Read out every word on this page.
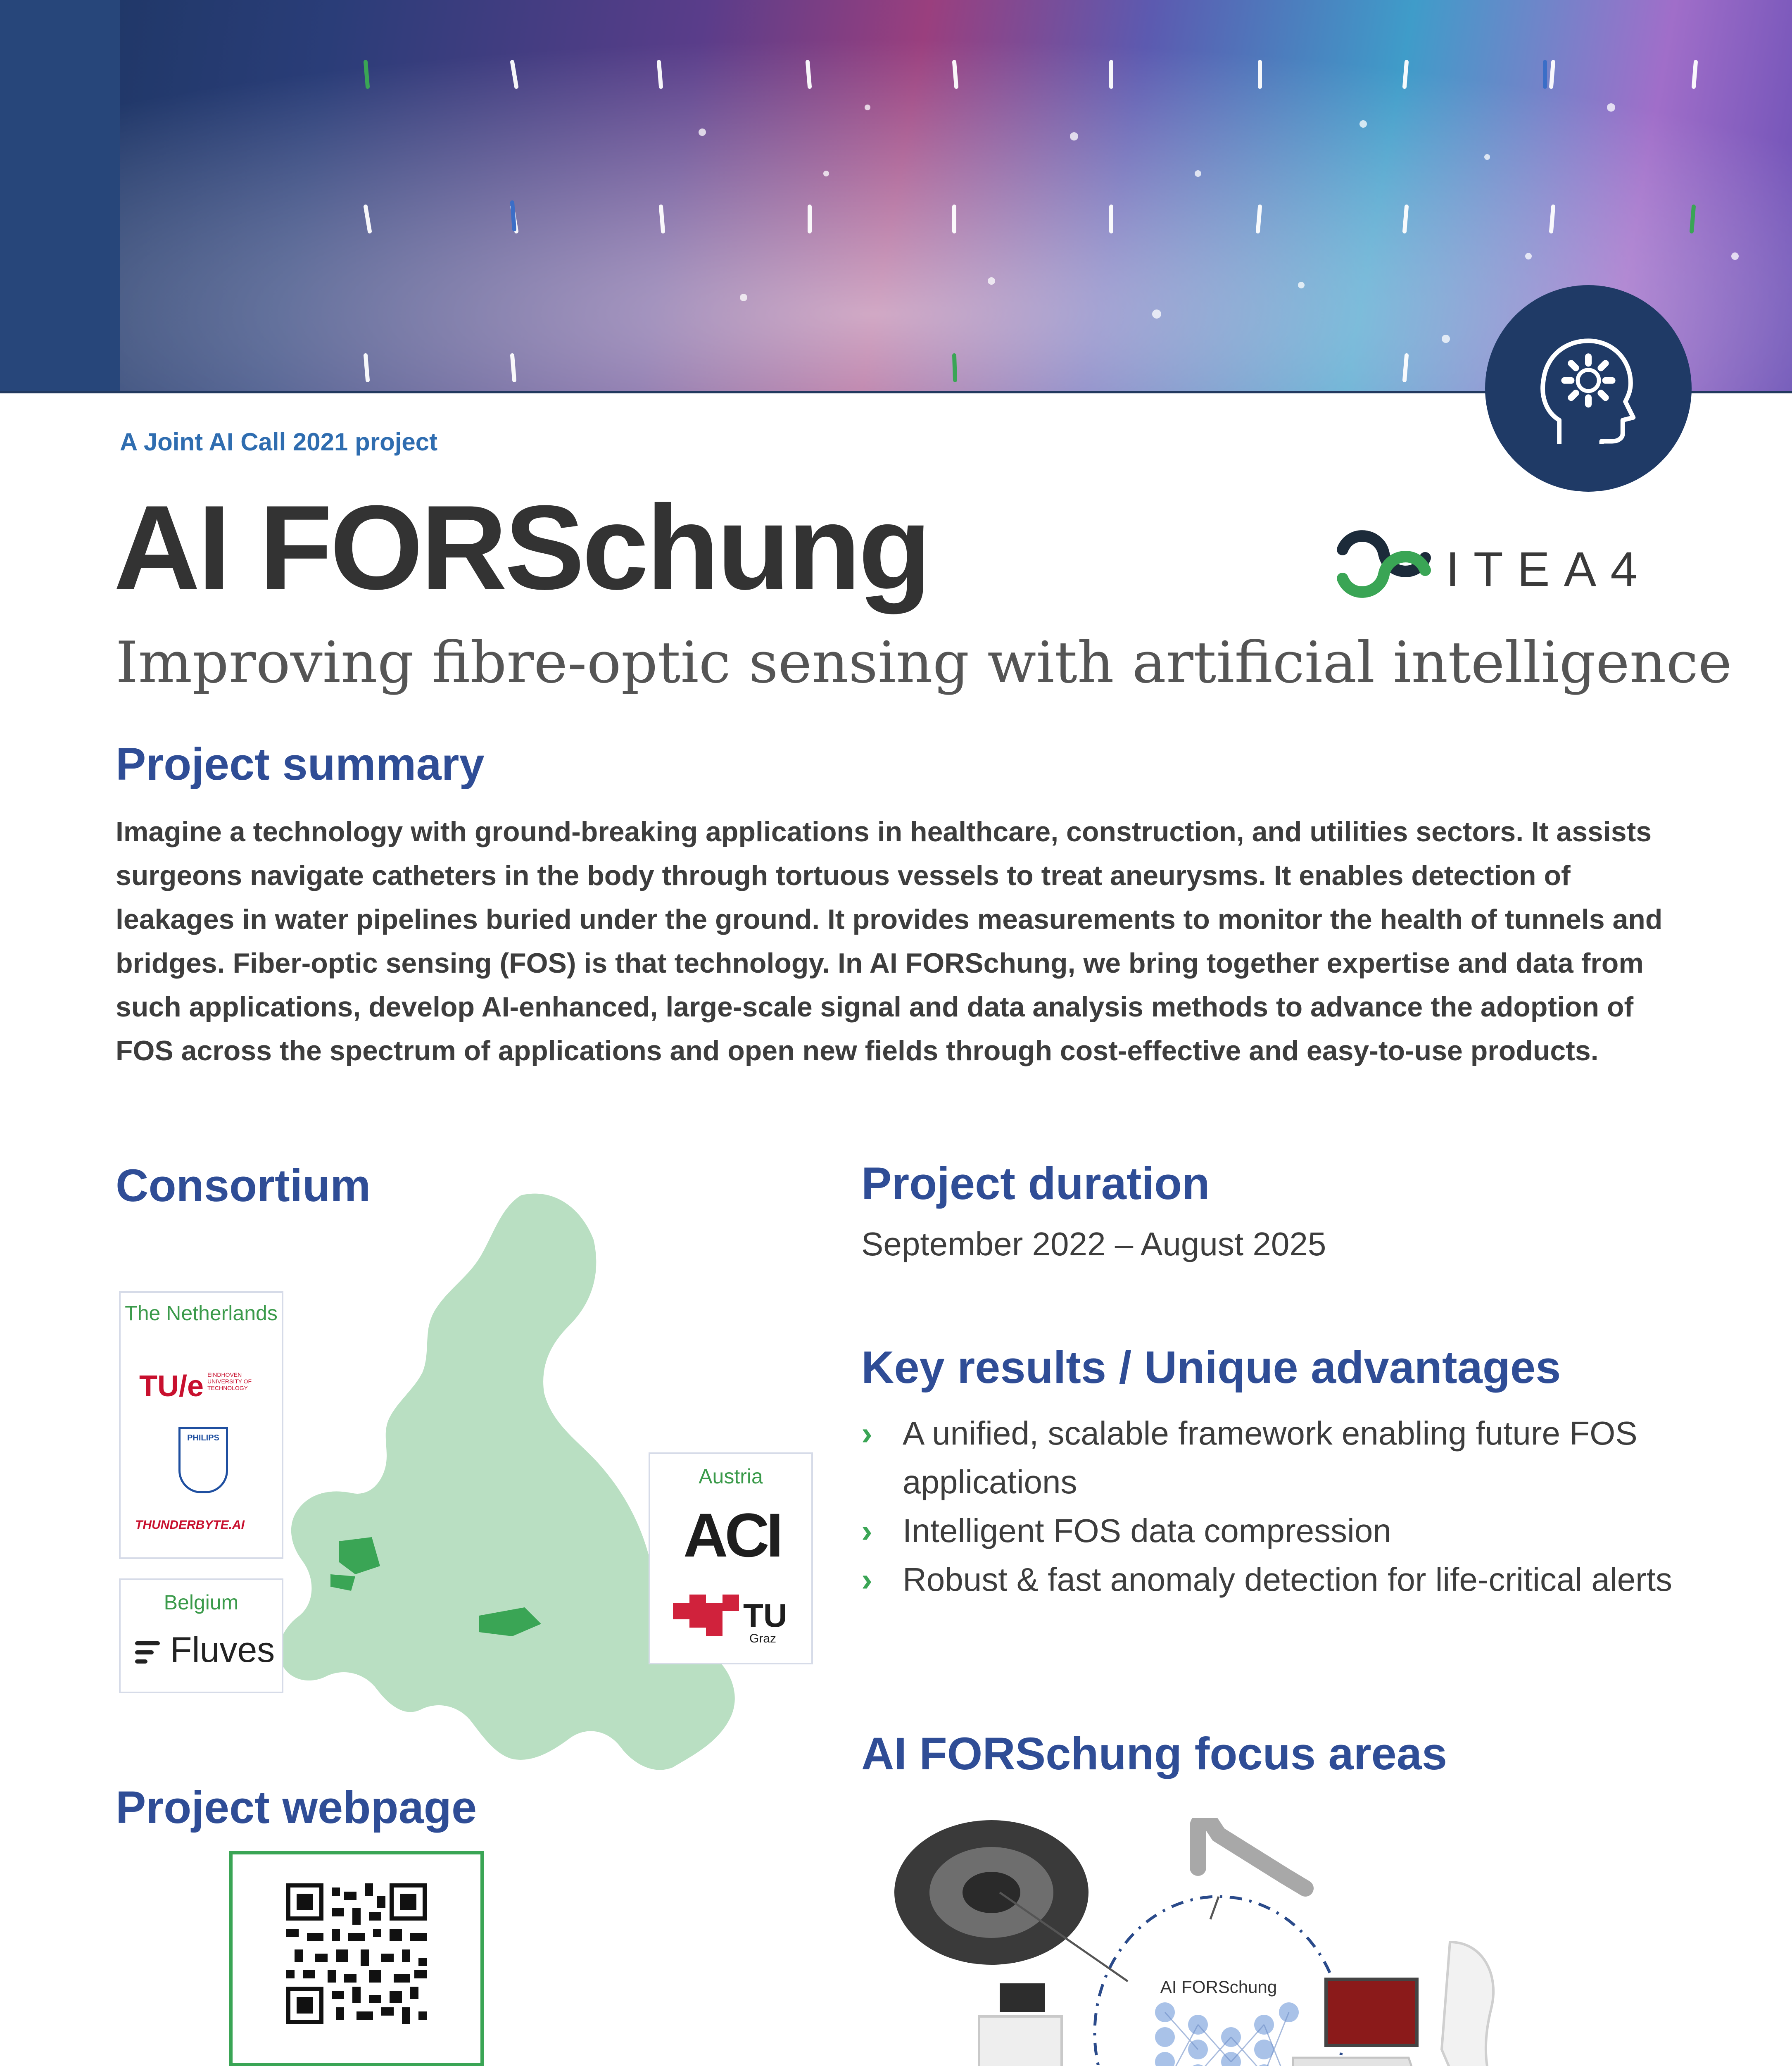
A Joint AI Call 2021 project
AI FORSchung
Improving fibre-optic sensing with artificial intelligence
ITEA4
Project summary
Imagine a technology with ground-breaking applications in healthcare, construction, and utilities sectors. It assists surgeons navigate catheters in the body through tortuous vessels to treat aneurysms. It enables detection of leakages in water pipelines buried under the ground. It provides measurements to monitor the health of tunnels and bridges. Fiber-optic sensing (FOS) is that technology. In AI FORSchung, we bring together expertise and data from such applications, develop AI-enhanced, large-scale signal and data analysis methods to advance the adoption of FOS across the spectrum of applications and open new fields through cost-effective and easy-to-use products.
Consortium
The Netherlands
TU/e EINDHOVEN UNIVERSITY OF TECHNOLOGY
PHILIPS
THUNDERBYTE.AI
Belgium
Fluves
Austria
ACI
TU
Graz
Project duration
September 2022 – August 2025
Key results / Unique advantages
› A unified, scalable framework enabling future FOS applications
› Intelligent FOS data compression
› Robust & fast anomaly detection for life-critical alerts
AI FORSchung focus areas
AI FORSchung
Project webpage
